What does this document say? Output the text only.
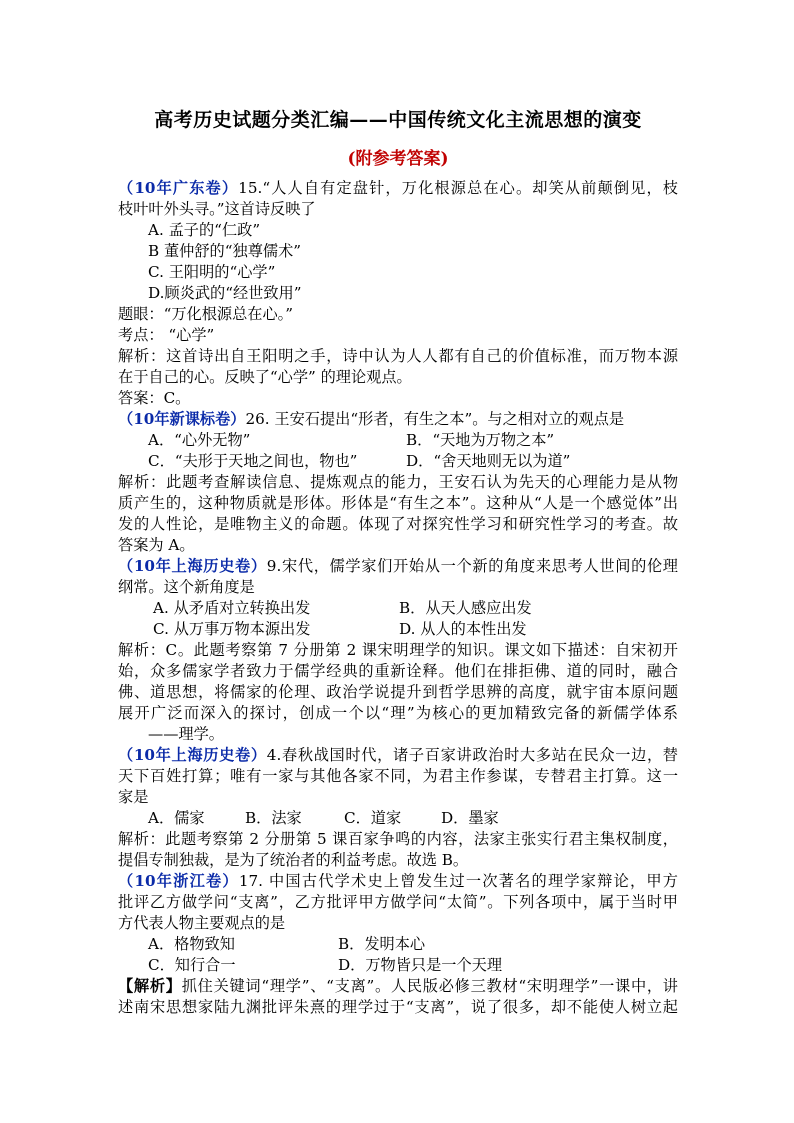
高考历史试题分类汇编——中国传统文化主流思想的演变
(附参考答案)
（10年广东卷）15.“人人自有定盘针，万化根源总在心。却笑从前颠倒见，枝
枝叶叶外头寻。”这首诗反映了
A. 孟子的“仁政”
B 董仲舒的“独尊儒术”
C. 王阳明的“心学”
D.顾炎武的“经世致用”
题眼：“万化根源总在心。”
考点： “心学”
解析：这首诗出自王阳明之手，诗中认为人人都有自己的价值标准，而万物本源
在于自己的心。反映了“心学” 的理论观点。
答案：C。
（10年新课标卷）26. 王安石提出“形者，有生之本”。与之相对立的观点是
A．“心外无物”	B．“天地为万物之本”
C．“夫形于天地之间也，物也”	D．“舍天地则无以为道”
解析：此题考查解读信息、提炼观点的能力，王安石认为先天的心理能力是从物
质产生的，这种物质就是形体。形体是“有生之本”。这种从“人是一个感觉体”出
发的人性论，是唯物主义的命题。体现了对探究性学习和研究性学习的考查。故
答案为 A。
（10年上海历史卷）9.宋代，儒学家们开始从一个新的角度来思考人世间的伦理
纲常。这个新角度是
A. 从矛盾对立转换出发	B．从天人感应出发
C. 从万事万物本源出发	D. 从人的本性出发
解析：C。此题考察第 7 分册第 2 课宋明理学的知识。课文如下描述：自宋初开
始，众多儒家学者致力于儒学经典的重新诠释。他们在排拒佛、道的同时，融合
佛、道思想，将儒家的伦理、政治学说提升到哲学思辨的高度，就宇宙本原问题
展开广泛而深入的探讨，创成一个以“理”为核心的更加精致完备的新儒学体系
——理学。
（10年上海历史卷）4.春秋战国时代，诸子百家讲政治时大多站在民众一边，替
天下百姓打算；唯有一家与其他各家不同，为君主作参谋，专替君主打算。这一
家是
A．儒家	B．法家	C．道家	D．墨家
解析：此题考察第 2 分册第 5 课百家争鸣的内容，法家主张实行君主集权制度，
提倡专制独裁，是为了统治者的利益考虑。故选 B。
（10年浙江卷）17. 中国古代学术史上曾发生过一次著名的理学家辩论，甲方
批评乙方做学问“支离”，乙方批评甲方做学问“太简”。下列各项中，属于当时甲
方代表人物主要观点的是
A．格物致知	B．发明本心
C．知行合一	D．万物皆只是一个天理
【解析】抓住关键词“理学”、“支离”。人民版必修三教材“宋明理学”一课中，讲
述南宋思想家陆九渊批评朱熹的理学过于“支离”，说了很多，却不能使人树立起
